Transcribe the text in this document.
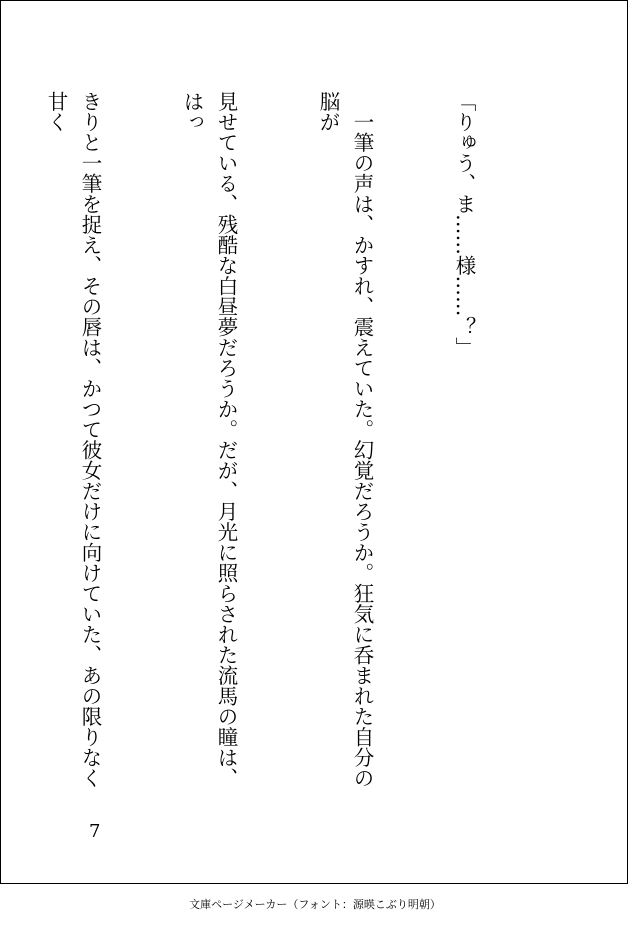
「りゅう、ま……様……？」

　一筆の声は、かすれ、震えていた。幻覚だろうか。狂気に呑まれた自分の脳が

見せている、残酷な白昼夢だろうか。だが、月光に照らされた流馬の瞳は、はっ

きりと一筆を捉え、その唇は、かつて彼女だけに向けていた、あの限りなく甘く

7
文庫ページメーカー（フォント：源暎こぶり明朝）
